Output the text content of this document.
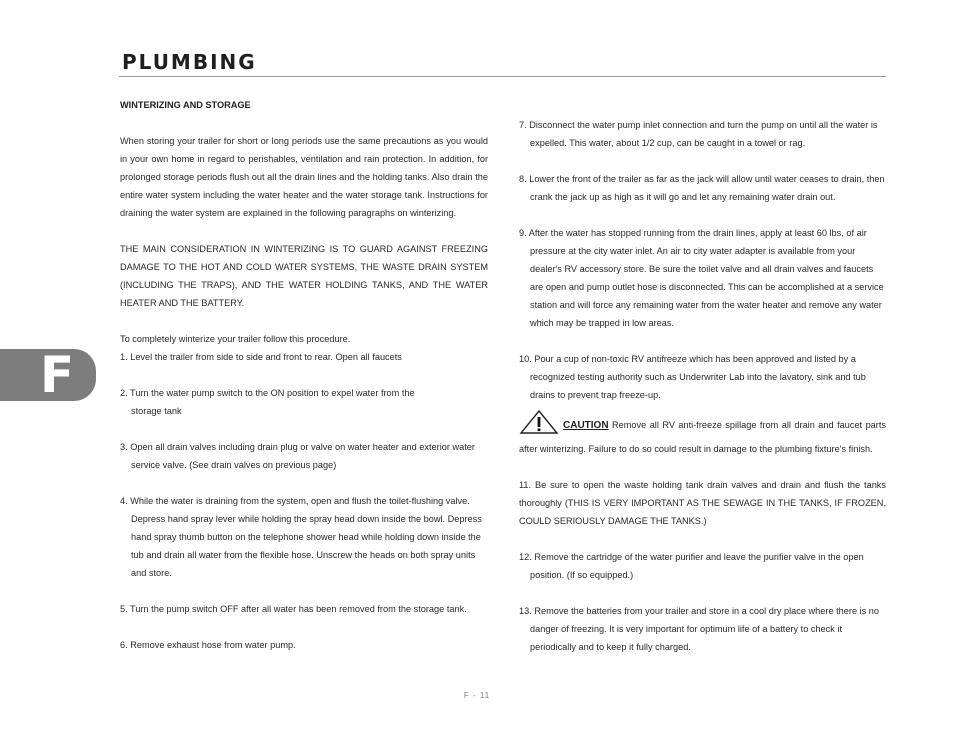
PLUMBING
F

WINTERIZING AND STORAGE

When storing your trailer for short or long periods use the same precautions as you would in your own home in regard to perishables, ventilation and rain protection. In addition, for prolonged storage periods flush out all the drain lines and the holding tanks. Also drain the entire water system including the water heater and the water storage tank. Instructions for draining the water system are explained in the following paragraphs on winterizing.

THE MAIN CONSIDERATION IN WINTERIZING IS TO GUARD AGAINST FREEZING DAMAGE TO THE HOT AND COLD WATER SYSTEMS, THE WASTE DRAIN SYSTEM (INCLUDING THE TRAPS), AND THE WATER HOLDING TANKS, AND THE WATER HEATER AND THE BATTERY.

To completely winterize your trailer follow this procedure.

1. Level the trailer from side to side and front to rear. Open all faucets

2. Turn the water pump switch to the ON position to expel water from the storage tank

3. Open all drain valves including drain plug or valve on water heater and exterior water service valve. (See drain valves on previous page)

4. While the water is draining from the system, open and flush the toilet-flushing valve. Depress hand spray lever while holding the spray head down inside the bowl. Depress hand spray thumb button on the telephone shower head while holding down inside the tub and drain all water from the flexible hose. Unscrew the heads on both spray units and store.

5. Turn the pump switch OFF after all water has been removed from the storage tank.

6. Remove exhaust hose from water pump.

7. Disconnect the water pump inlet connection and turn the pump on until all the water is expelled. This water, about 1/2 cup, can be caught in a towel or rag.

8. Lower the front of the trailer as far as the jack will allow until water ceases to drain, then crank the jack up as high as it will go and let any remaining water drain out.

9. After the water has stopped running from the drain lines, apply at least 60 lbs, of air pressure at the city water inlet. An air to city water adapter is available from your dealer's RV accessory store. Be sure the toilet valve and all drain valves and faucets are open and pump outlet hose is disconnected. This can be accomplished at a service station and will force any remaining water from the water heater and remove any water which may be trapped in low areas.

10. Pour a cup of non-toxic RV antifreeze which has been approved and listed by a recognized testing authority such as Underwriter Lab into the lavatory, sink and tub drains to prevent trap freeze-up.

CAUTION Remove all RV anti-freeze spillage from all drain and faucet parts after winterizing. Failure to do so could result in damage to the plumbing fixture's finish.

11. Be sure to open the waste holding tank drain valves and drain and flush the tanks thoroughly (THIS IS VERY IMPORTANT AS THE SEWAGE IN THE TANKS, IF FROZEN, COULD SERIOUSLY DAMAGE THE TANKS.)

12. Remove the cartridge of the water purifier and leave the purifier valve in the open position. (If so equipped.)

13. Remove the batteries from your trailer and store in a cool dry place where there is no danger of freezing. It is very important for optimum life of a battery to check it periodically and to keep it fully charged.

F - 11
